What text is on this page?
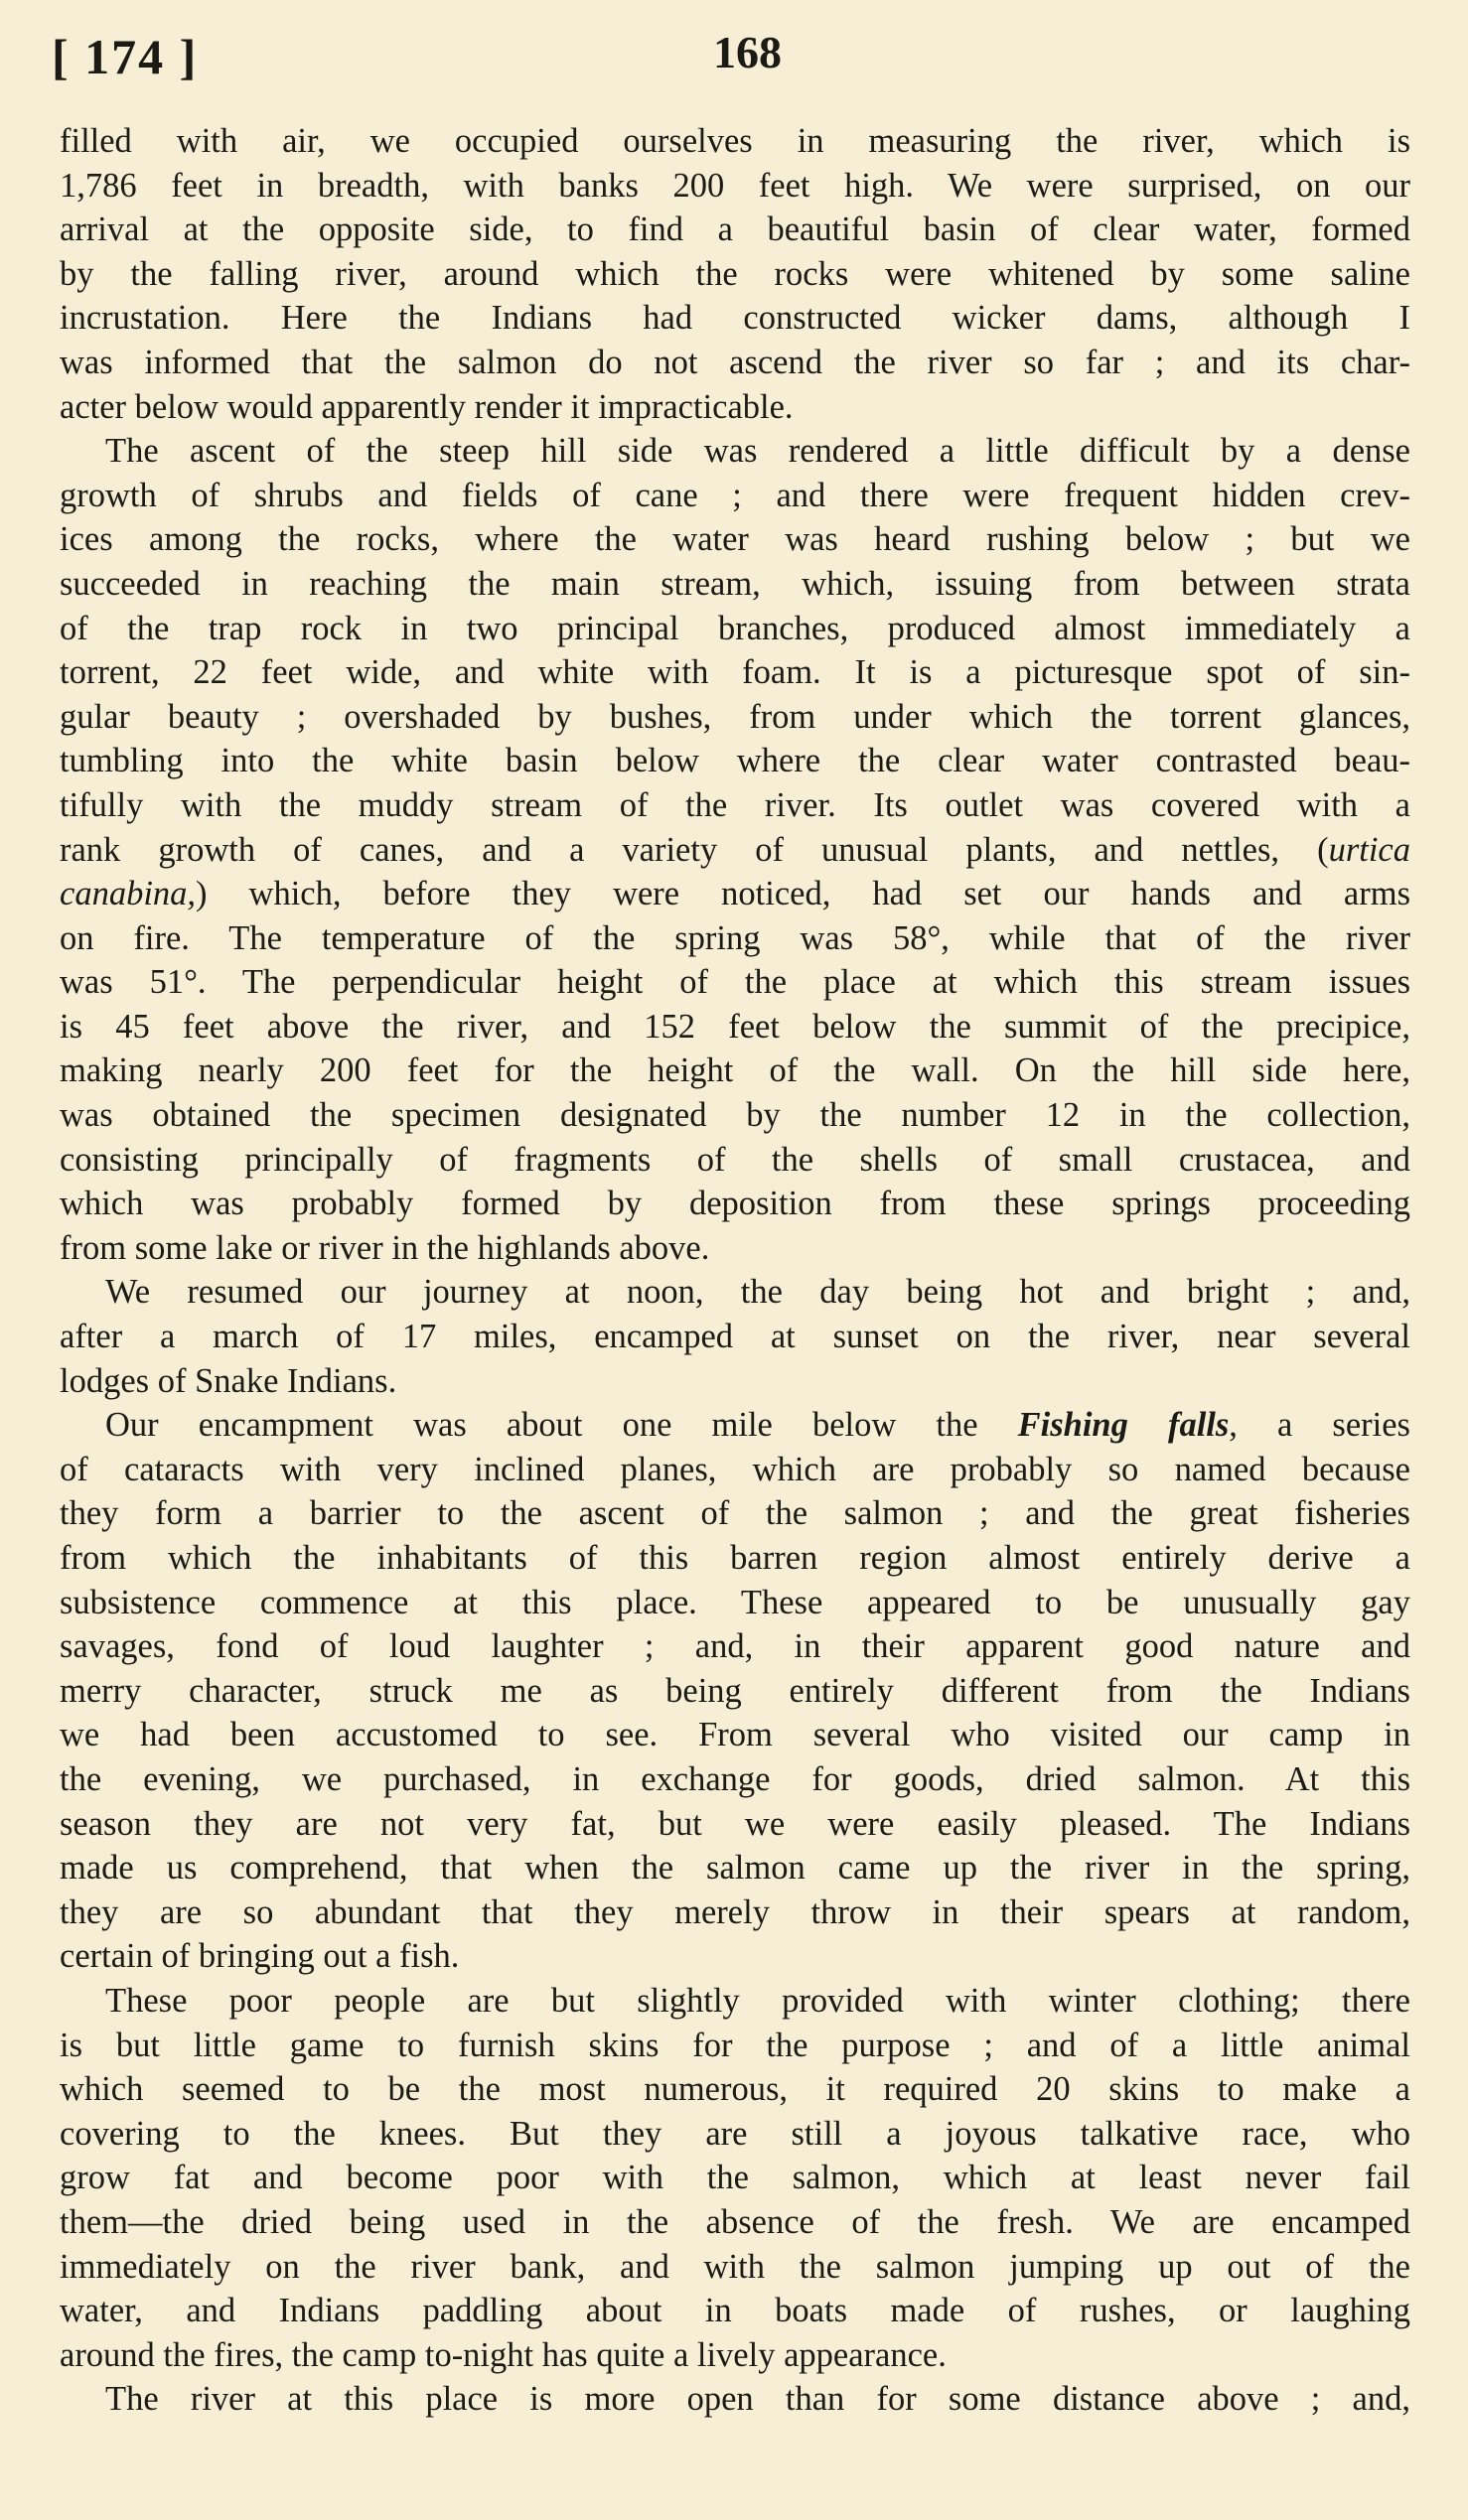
[ 174 ]	168
filled with air, we occupied ourselves in measuring the river, which is
1,786 feet in breadth, with banks 200 feet high. We were surprised, on our
arrival at the opposite side, to find a beautiful basin of clear water, formed
by the falling river, around which the rocks were whitened by some saline
incrustation. Here the Indians had constructed wicker dams, although I
was informed that the salmon do not ascend the river so far ; and its char-
acter below would apparently render it impracticable.
The ascent of the steep hill side was rendered a little difficult by a dense
growth of shrubs and fields of cane ; and there were frequent hidden crev-
ices among the rocks, where the water was heard rushing below ; but we
succeeded in reaching the main stream, which, issuing from between strata
of the trap rock in two principal branches, produced almost immediately a
torrent, 22 feet wide, and white with foam. It is a picturesque spot of sin-
gular beauty ; overshaded by bushes, from under which the torrent glances,
tumbling into the white basin below where the clear water contrasted beau-
tifully with the muddy stream of the river. Its outlet was covered with a
rank growth of canes, and a variety of unusual plants, and nettles, (urtica
canabina,) which, before they were noticed, had set our hands and arms
on fire. The temperature of the spring was 58°, while that of the river
was 51°. The perpendicular height of the place at which this stream issues
is 45 feet above the river, and 152 feet below the summit of the precipice,
making nearly 200 feet for the height of the wall. On the hill side here,
was obtained the specimen designated by the number 12 in the collection,
consisting principally of fragments of the shells of small crustacea, and
which was probably formed by deposition from these springs proceeding
from some lake or river in the highlands above.
We resumed our journey at noon, the day being hot and bright ; and,
after a march of 17 miles, encamped at sunset on the river, near several
lodges of Snake Indians.
Our encampment was about one mile below the Fishing falls, a series
of cataracts with very inclined planes, which are probably so named because
they form a barrier to the ascent of the salmon ; and the great fisheries
from which the inhabitants of this barren region almost entirely derive a
subsistence commence at this place. These appeared to be unusually gay
savages, fond of loud laughter ; and, in their apparent good nature and
merry character, struck me as being entirely different from the Indians
we had been accustomed to see. From several who visited our camp in
the evening, we purchased, in exchange for goods, dried salmon. At this
season they are not very fat, but we were easily pleased. The Indians
made us comprehend, that when the salmon came up the river in the spring,
they are so abundant that they merely throw in their spears at random,
certain of bringing out a fish.
These poor people are but slightly provided with winter clothing; there
is but little game to furnish skins for the purpose ; and of a little animal
which seemed to be the most numerous, it required 20 skins to make a
covering to the knees. But they are still a joyous talkative race, who
grow fat and become poor with the salmon, which at least never fail
them—the dried being used in the absence of the fresh. We are encamped
immediately on the river bank, and with the salmon jumping up out of the
water, and Indians paddling about in boats made of rushes, or laughing
around the fires, the camp to-night has quite a lively appearance.
The river at this place is more open than for some distance above ; and,
